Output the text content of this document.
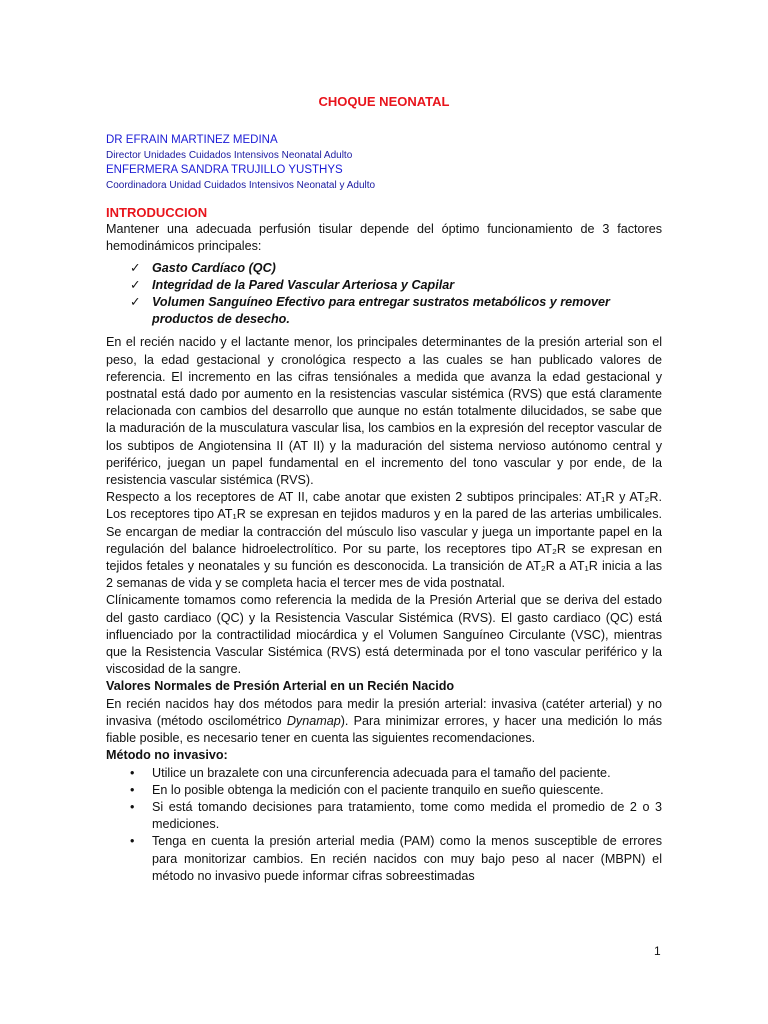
CHOQUE NEONATAL
DR EFRAIN MARTINEZ MEDINA
Director Unidades Cuidados Intensivos Neonatal Adulto
ENFERMERA SANDRA TRUJILLO YUSTHYS
Coordinadora Unidad Cuidados Intensivos Neonatal y Adulto
INTRODUCCION

Mantener una adecuada perfusión tisular depende del óptimo funcionamiento de 3 factores hemodinámicos principales:

✓ Gasto Cardíaco (QC)
✓ Integridad de la Pared Vascular Arteriosa y Capilar
✓ Volumen Sanguíneo Efectivo para entregar sustratos metabólicos y remover productos de desecho.

En el recién nacido y el lactante menor, los principales determinantes de la presión arterial son el peso, la edad gestacional y cronológica respecto a las cuales se han publicado valores de referencia. El incremento en las cifras tensiónales a medida que avanza la edad gestacional y postnatal está dado por aumento en la resistencias vascular sistémica (RVS) que está claramente relacionada con cambios del desarrollo que aunque no están totalmente dilucidados, se sabe que la maduración de la musculatura vascular lisa, los cambios en la expresión del receptor vascular de los subtipos de Angiotensina II (AT II) y la maduración del sistema nervioso autónomo central y periférico, juegan un papel fundamental en el incremento del tono vascular y por ende, de la resistencia vascular sistémica (RVS).

Respecto a los receptores de AT II, cabe anotar que existen 2 subtipos principales: AT₁R y AT₂R. Los receptores tipo AT₁R se expresan en tejidos maduros y en la pared de las arterias umbilicales. Se encargan de mediar la contracción del músculo liso vascular y juega un importante papel en la regulación del balance hidroelectrolítico. Por su parte, los receptores tipo AT₂R se expresan en tejidos fetales y neonatales y su función es desconocida. La transición de AT₂R a AT₁R inicia a las 2 semanas de vida y se completa hacia el tercer mes de vida postnatal.

Clínicamente tomamos como referencia la medida de la Presión Arterial que se deriva del estado del gasto cardiaco (QC) y la Resistencia Vascular Sistémica (RVS). El gasto cardiaco (QC) está influenciado por la contractilidad miocárdica y el Volumen Sanguíneo Circulante (VSC), mientras que la Resistencia Vascular Sistémica (RVS) está determinada por el tono vascular periférico y la viscosidad de la sangre.

Valores Normales de Presión Arterial en un Recién Nacido

En recién nacidos hay dos métodos para medir la presión arterial: invasiva (catéter arterial) y no invasiva (método oscilométrico Dynamap). Para minimizar errores, y hacer una medición lo más fiable posible, es necesario tener en cuenta las siguientes recomendaciones.

Método no invasivo:
• Utilice un brazalete con una circunferencia adecuada para el tamaño del paciente.
• En lo posible obtenga la medición con el paciente tranquilo en sueño quiescente.
• Si está tomando decisiones para tratamiento, tome como medida el promedio de 2 o 3 mediciones.
• Tenga en cuenta la presión arterial media (PAM) como la menos susceptible de errores para monitorizar cambios. En recién nacidos con muy bajo peso al nacer (MBPN) el método no invasivo puede informar cifras sobreestimadas
1
